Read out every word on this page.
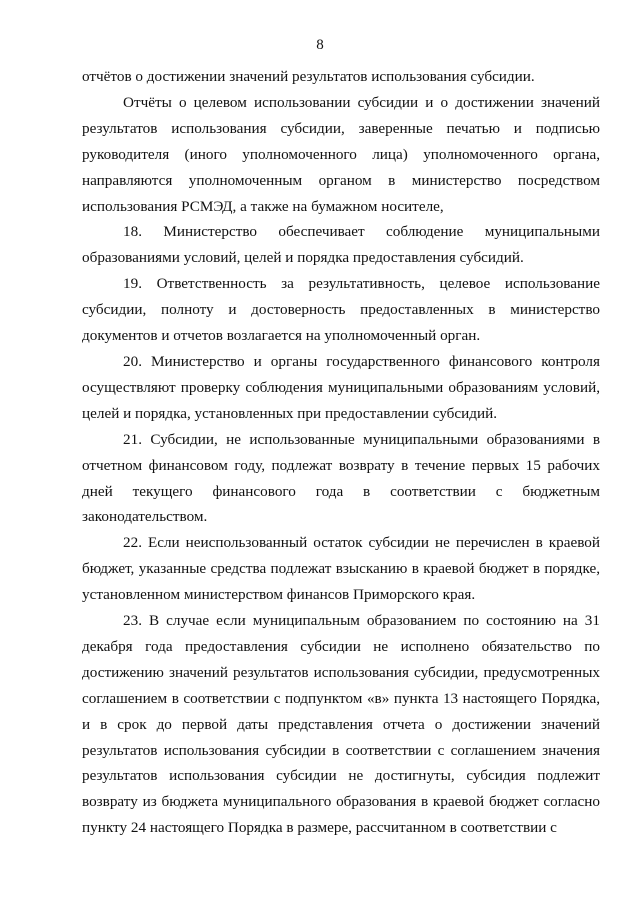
8

отчётов о достижении значений результатов использования субсидии.

Отчёты о целевом использовании субсидии и о достижении значений результатов использования субсидии, заверенные печатью и подписью руководителя (иного уполномоченного лица) уполномоченного органа, направляются уполномоченным органом в министерство посредством использования РСМЭД, а также на бумажном носителе,

18. Министерство обеспечивает соблюдение муниципальными образованиями условий, целей и порядка предоставления субсидий.

19. Ответственность за результативность, целевое использование субсидии, полноту и достоверность предоставленных в министерство документов и отчетов возлагается на уполномоченный орган.

20. Министерство и органы государственного финансового контроля осуществляют проверку соблюдения муниципальными образованиям условий, целей и порядка, установленных при предоставлении субсидий.

21. Субсидии, не использованные муниципальными образованиями в отчетном финансовом году, подлежат возврату в течение первых 15 рабочих дней текущего финансового года в соответствии с бюджетным законодательством.

22. Если неиспользованный остаток субсидии не перечислен в краевой бюджет, указанные средства подлежат взысканию в краевой бюджет в порядке, установленном министерством финансов Приморского края.

23. В случае если муниципальным образованием по состоянию на 31 декабря года предоставления субсидии не исполнено обязательство по достижению значений результатов использования субсидии, предусмотренных соглашением в соответствии с подпунктом «в» пункта 13 настоящего Порядка, и в срок до первой даты представления отчета о достижении значений результатов использования субсидии в соответствии с соглашением значения результатов использования субсидии не достигнуты, субсидия подлежит возврату из бюджета муниципального образования в краевой бюджет согласно пункту 24 настоящего Порядка в размере, рассчитанном в соответствии с
